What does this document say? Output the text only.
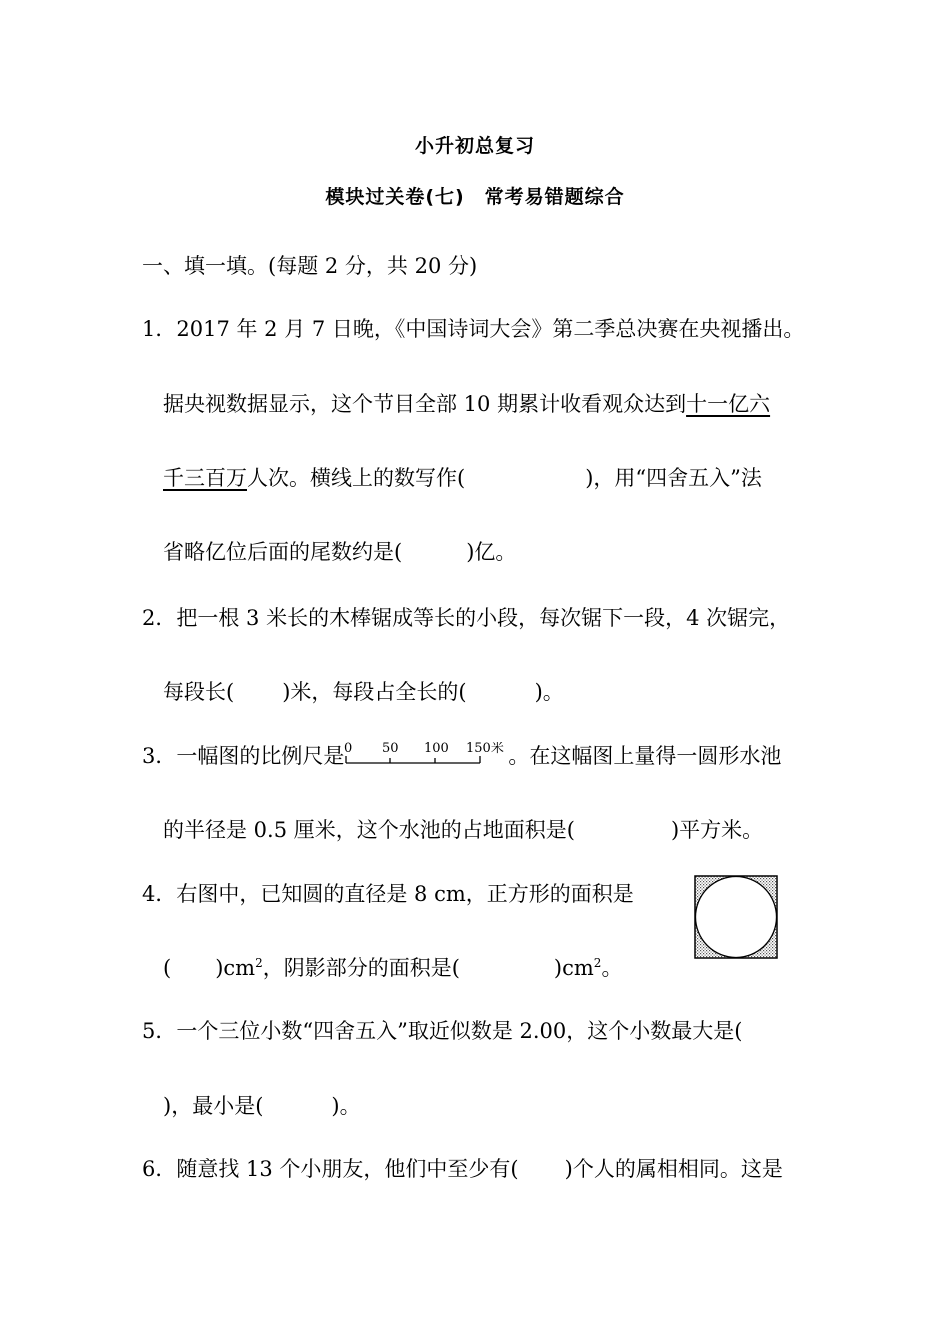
小升初总复习
模块过关卷(七)　常考易错题综合
一、填一填。(每题 2 分，共 20 分)
1．2017 年 2 月 7 日晚，《中国诗词大会》第二季总决赛在央视播出。
据央视数据显示，这个节目全部 10 期累计收看观众达到十一亿六
千三百万人次。横线上的数写作(	)，用“四舍五入”法
省略亿位后面的尾数约是(	)亿。
2．把一根 3 米长的木棒锯成等长的小段，每次锯下一段，4 次锯完，
每段长( )米，每段占全长的(	)。
3．一幅图的比例尺是 0 50 100 150米 。在这幅图上量得一圆形水池
的半径是 0.5 厘米，这个水池的占地面积是(	)平方米。
4．右图中，已知圆的直径是 8 cm，正方形的面积是
( )$cm^2$，阴影部分的面积是(	)$cm^2$。
5．一个三位小数“四舍五入”取近似数是 2.00，这个小数最大是(
)，最小是(	)。
6．随意找 13 个小朋友，他们中至少有( )个人的属相相同。这是
